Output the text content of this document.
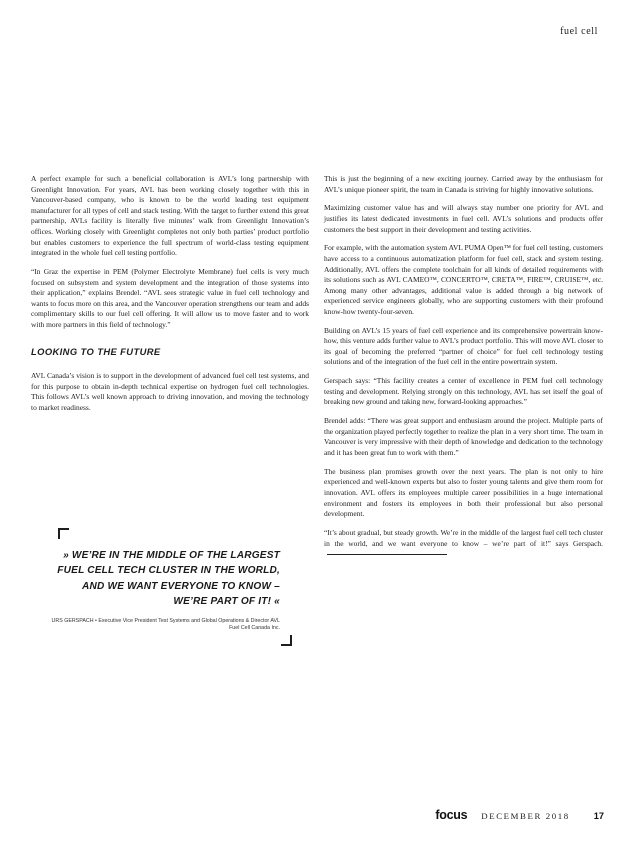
fuel cell

A perfect example for such a beneficial collaboration is AVL’s long partnership with Greenlight Innovation. For years, AVL has been working closely together with this in Vancouver-based company, who is known to be the world leading test equipment manufacturer for all types of cell and stack testing. With the target to further extend this great partnership, AVLs facility is literally five minutes’ walk from Greenlight Innovation’s offices. Working closely with Greenlight completes not only both parties’ product portfolio but enables customers to experience the full spectrum of world-class testing equipment integrated in the whole fuel cell testing portfolio.

“In Graz the expertise in PEM (Polymer Electrolyte Membrane) fuel cells is very much focused on subsystem and system development and the integration of those systems into their application,” explains Brendel. “AVL sees strategic value in fuel cell technology and wants to focus more on this area, and the Vancouver operation strengthens our team and adds complimentary skills to our fuel cell offering. It will allow us to move faster and to work with more partners in this field of technology.”

LOOKING TO THE FUTURE

AVL Canada’s vision is to support in the development of advanced fuel cell test systems, and for this purpose to obtain in-depth technical expertise on hydrogen fuel cell technologies. This follows AVL’s well known approach to driving innovation, and moving the technology to market readiness.

» WE’RE IN THE MIDDLE OF THE LARGEST FUEL CELL TECH CLUSTER IN THE WORLD, AND WE WANT EVERYONE TO KNOW – WE’RE PART OF IT! «

URS GERSPACH • Executive Vice President Test Systems and Global Operations & Director AVL Fuel Cell Canada Inc.

This is just the beginning of a new exciting journey. Carried away by the enthusiasm for AVL’s unique pioneer spirit, the team in Canada is striving for highly innovative solutions.

Maximizing customer value has and will always stay number one priority for AVL and justifies its latest dedicated investments in fuel cell. AVL’s solutions and products offer customers the best support in their development and testing activities.

For example, with the automation system AVL PUMA Open™ for fuel cell testing, customers have access to a continuous automatization platform for fuel cell, stack and system testing. Additionally, AVL offers the complete toolchain for all kinds of detailed requirements with its solutions such as AVL CAMEO™, CONCERTO™, CRETA™, FIRE™, CRUISE™, etc. Among many other advantages, additional value is added through a big network of experienced service engineers globally, who are supporting customers with their profound know-how twenty-four-seven.

Building on AVL’s 15 years of fuel cell experience and its comprehensive powertrain know-how, this venture adds further value to AVL’s product portfolio. This will move AVL closer to its goal of becoming the preferred “partner of choice” for fuel cell technology testing solutions and of the integration of the fuel cell in the entire powertrain system.

Gerspach says: “This facility creates a center of excellence in PEM fuel cell technology testing and development. Relying strongly on this technology, AVL has set itself the goal of breaking new ground and taking new, forward-looking approaches.”

Brendel adds: “There was great support and enthusiasm around the project. Multiple parts of the organization played perfectly together to realize the plan in a very short time. The team in Vancouver is very impressive with their depth of knowledge and dedication to the technology and it has been great fun to work with them.”

The business plan promises growth over the next years. The plan is not only to hire experienced and well-known experts but also to foster young talents and give them room for innovation. AVL offers its employees multiple career possibilities in a huge international environment and fosters its employees in both their professional but also personal development.

“It’s about gradual, but steady growth. We’re in the middle of the largest fuel cell tech cluster in the world, and we want everyone to know – we’re part of it!” says Gerspach.

focus DECEMBER 2018	17
